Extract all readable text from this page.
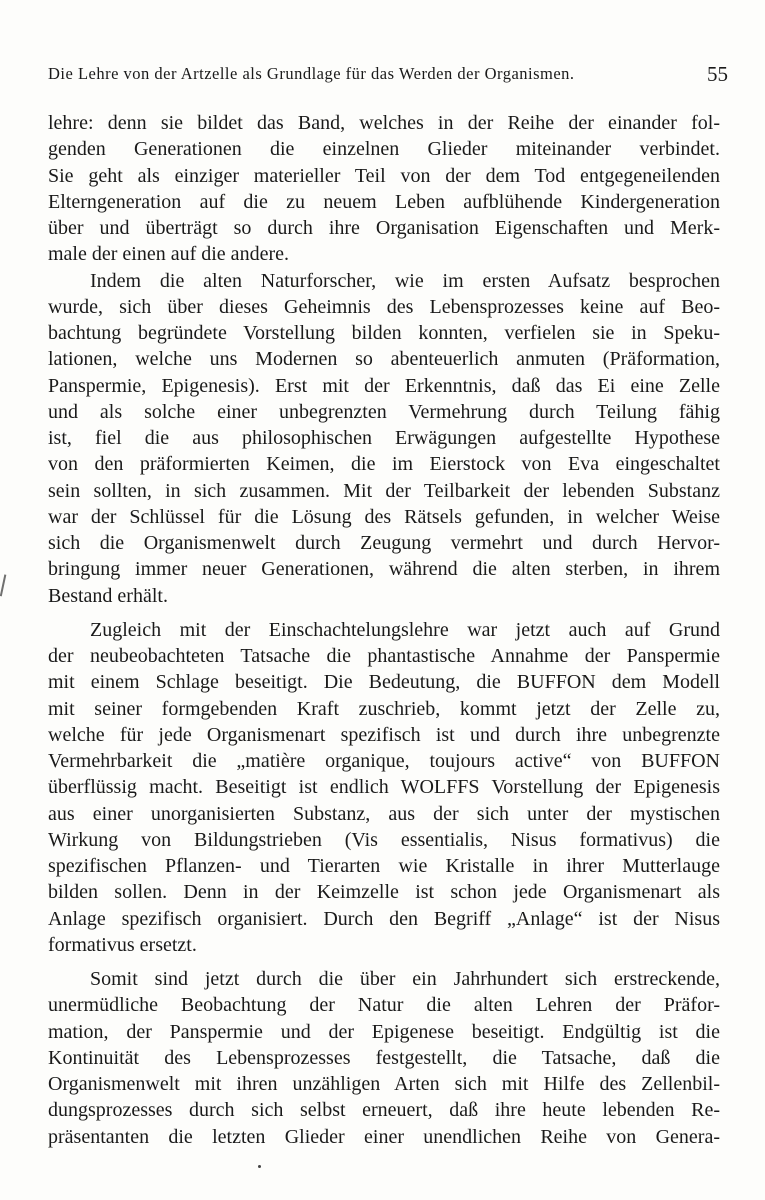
Die Lehre von der Artzelle als Grundlage für das Werden der Organismen.	55
lehre: denn sie bildet das Band, welches in der Reihe der einander fol-
genden Generationen die einzelnen Glieder miteinander verbindet.
Sie geht als einziger materieller Teil von der dem Tod entgegeneilenden
Elterngeneration auf die zu neuem Leben aufblühende Kindergeneration
über und überträgt so durch ihre Organisation Eigenschaften und Merk-
male der einen auf die andere.
Indem die alten Naturforscher, wie im ersten Aufsatz besprochen
wurde, sich über dieses Geheimnis des Lebensprozesses keine auf Beo-
bachtung begründete Vorstellung bilden konnten, verfielen sie in Speku-
lationen, welche uns Modernen so abenteuerlich anmuten (Präformation,
Panspermie, Epigenesis). Erst mit der Erkenntnis, daß das Ei eine Zelle
und als solche einer unbegrenzten Vermehrung durch Teilung fähig
ist, fiel die aus philosophischen Erwägungen aufgestellte Hypothese
von den präformierten Keimen, die im Eierstock von Eva eingeschaltet
sein sollten, in sich zusammen. Mit der Teilbarkeit der lebenden Substanz
war der Schlüssel für die Lösung des Rätsels gefunden, in welcher Weise
sich die Organismenwelt durch Zeugung vermehrt und durch Hervor-
bringung immer neuer Generationen, während die alten sterben, in ihrem
Bestand erhält.
Zugleich mit der Einschachtelungslehre war jetzt auch auf Grund
der neubeobachteten Tatsache die phantastische Annahme der Panspermie
mit einem Schlage beseitigt. Die Bedeutung, die BUFFON dem Modell
mit seiner formgebenden Kraft zuschrieb, kommt jetzt der Zelle zu,
welche für jede Organismenart spezifisch ist und durch ihre unbegrenzte
Vermehrbarkeit die „matière organique, toujours active“ von BUFFON
überflüssig macht. Beseitigt ist endlich WOLFFS Vorstellung der Epigenesis
aus einer unorganisierten Substanz, aus der sich unter der mystischen
Wirkung von Bildungstrieben (Vis essentialis, Nisus formativus) die
spezifischen Pflanzen- und Tierarten wie Kristalle in ihrer Mutterlauge
bilden sollen. Denn in der Keimzelle ist schon jede Organismenart als
Anlage spezifisch organisiert. Durch den Begriff „Anlage“ ist der Nisus
formativus ersetzt.
Somit sind jetzt durch die über ein Jahrhundert sich erstreckende,
unermüdliche Beobachtung der Natur die alten Lehren der Präfor-
mation, der Panspermie und der Epigenese beseitigt. Endgültig ist die
Kontinuität des Lebensprozesses festgestellt, die Tatsache, daß die
Organismenwelt mit ihren unzähligen Arten sich mit Hilfe des Zellenbil-
dungsprozesses durch sich selbst erneuert, daß ihre heute lebenden Re-
präsentanten die letzten Glieder einer unendlichen Reihe von Genera-
